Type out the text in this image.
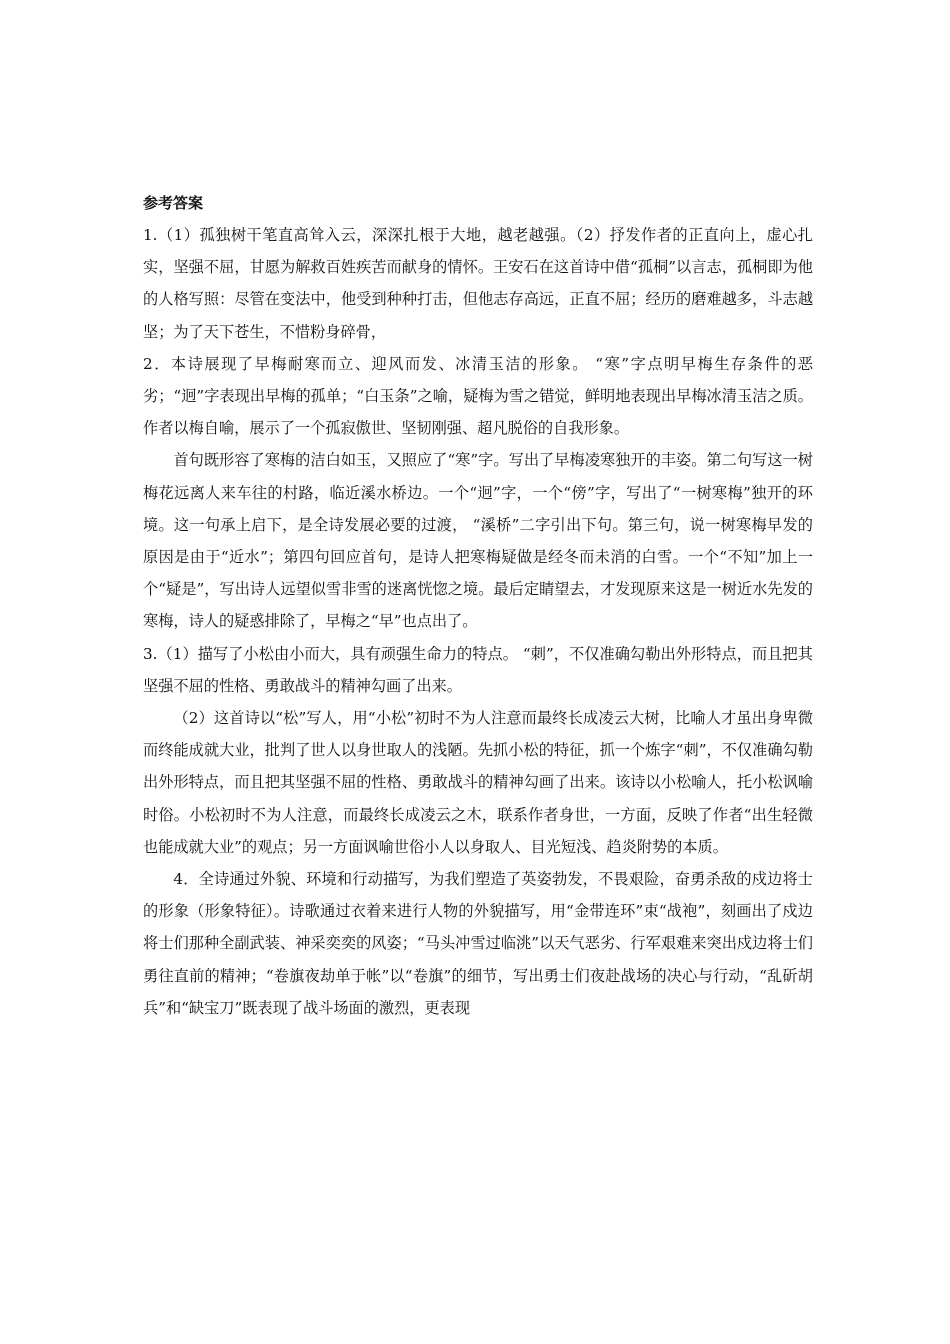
参考答案

1.（1）孤独树干笔直高耸入云，深深扎根于大地，越老越强。（2）抒发作者的正直向上，虚心扎实，坚强不屈，甘愿为解救百姓疾苦而献身的情怀。王安石在这首诗中借“孤桐”以言志，孤桐即为他的人格写照：尽管在变法中，他受到种种打击，但他志存高远，正直不屈；经历的磨难越多，斗志越坚；为了天下苍生，不惜粉身碎骨，

2．本诗展现了早梅耐寒而立、迎风而发、冰清玉洁的形象。 “寒”字点明早梅生存条件的恶劣；“迥”字表现出早梅的孤单；“白玉条”之喻，疑梅为雪之错觉，鲜明地表现出早梅冰清玉洁之质。作者以梅自喻，展示了一个孤寂傲世、坚韧刚强、超凡脱俗的自我形象。

首句既形容了寒梅的洁白如玉，又照应了“寒”字。写出了早梅凌寒独开的丰姿。第二句写这一树梅花远离人来车往的村路，临近溪水桥边。一个“迥”字，一个“傍”字，写出了“一树寒梅”独开的环境。这一句承上启下，是全诗发展必要的过渡， “溪桥”二字引出下句。第三句，说一树寒梅早发的原因是由于“近水”；第四句回应首句，是诗人把寒梅疑做是经冬而未消的白雪。一个“不知”加上一个“疑是”，写出诗人远望似雪非雪的迷离恍惚之境。最后定睛望去，才发现原来这是一树近水先发的寒梅，诗人的疑惑排除了，早梅之“早”也点出了。

3.（1）描写了小松由小而大，具有顽强生命力的特点。 “刺”，不仅准确勾勒出外形特点，而且把其坚强不屈的性格、勇敢战斗的精神勾画了出来。

（2）这首诗以“松”写人，用“小松”初时不为人注意而最终长成凌云大树，比喻人才虽出身卑微而终能成就大业，批判了世人以身世取人的浅陋。先抓小松的特征，抓一个炼字“刺”，不仅准确勾勒出外形特点，而且把其坚强不屈的性格、勇敢战斗的精神勾画了出来。该诗以小松喻人，托小松讽喻时俗。小松初时不为人注意，而最终长成凌云之木，联系作者身世，一方面，反映了作者“出生轻微也能成就大业”的观点；另一方面讽喻世俗小人以身取人、目光短浅、趋炎附势的本质。

4．全诗通过外貌、环境和行动描写，为我们塑造了英姿勃发，不畏艰险，奋勇杀敌的戍边将士的形象（形象特征）。诗歌通过衣着来进行人物的外貌描写，用“金带连环”束“战袍”，刻画出了戍边将士们那种全副武装、神采奕奕的风姿；“马头冲雪过临洮”以天气恶劣、行军艰难来突出戍边将士们勇往直前的精神；“卷旗夜劫单于帐”以“卷旗”的细节，写出勇士们夜赴战场的决心与行动，“乱斫胡兵”和“缺宝刀”既表现了战斗场面的激烈，更表现
